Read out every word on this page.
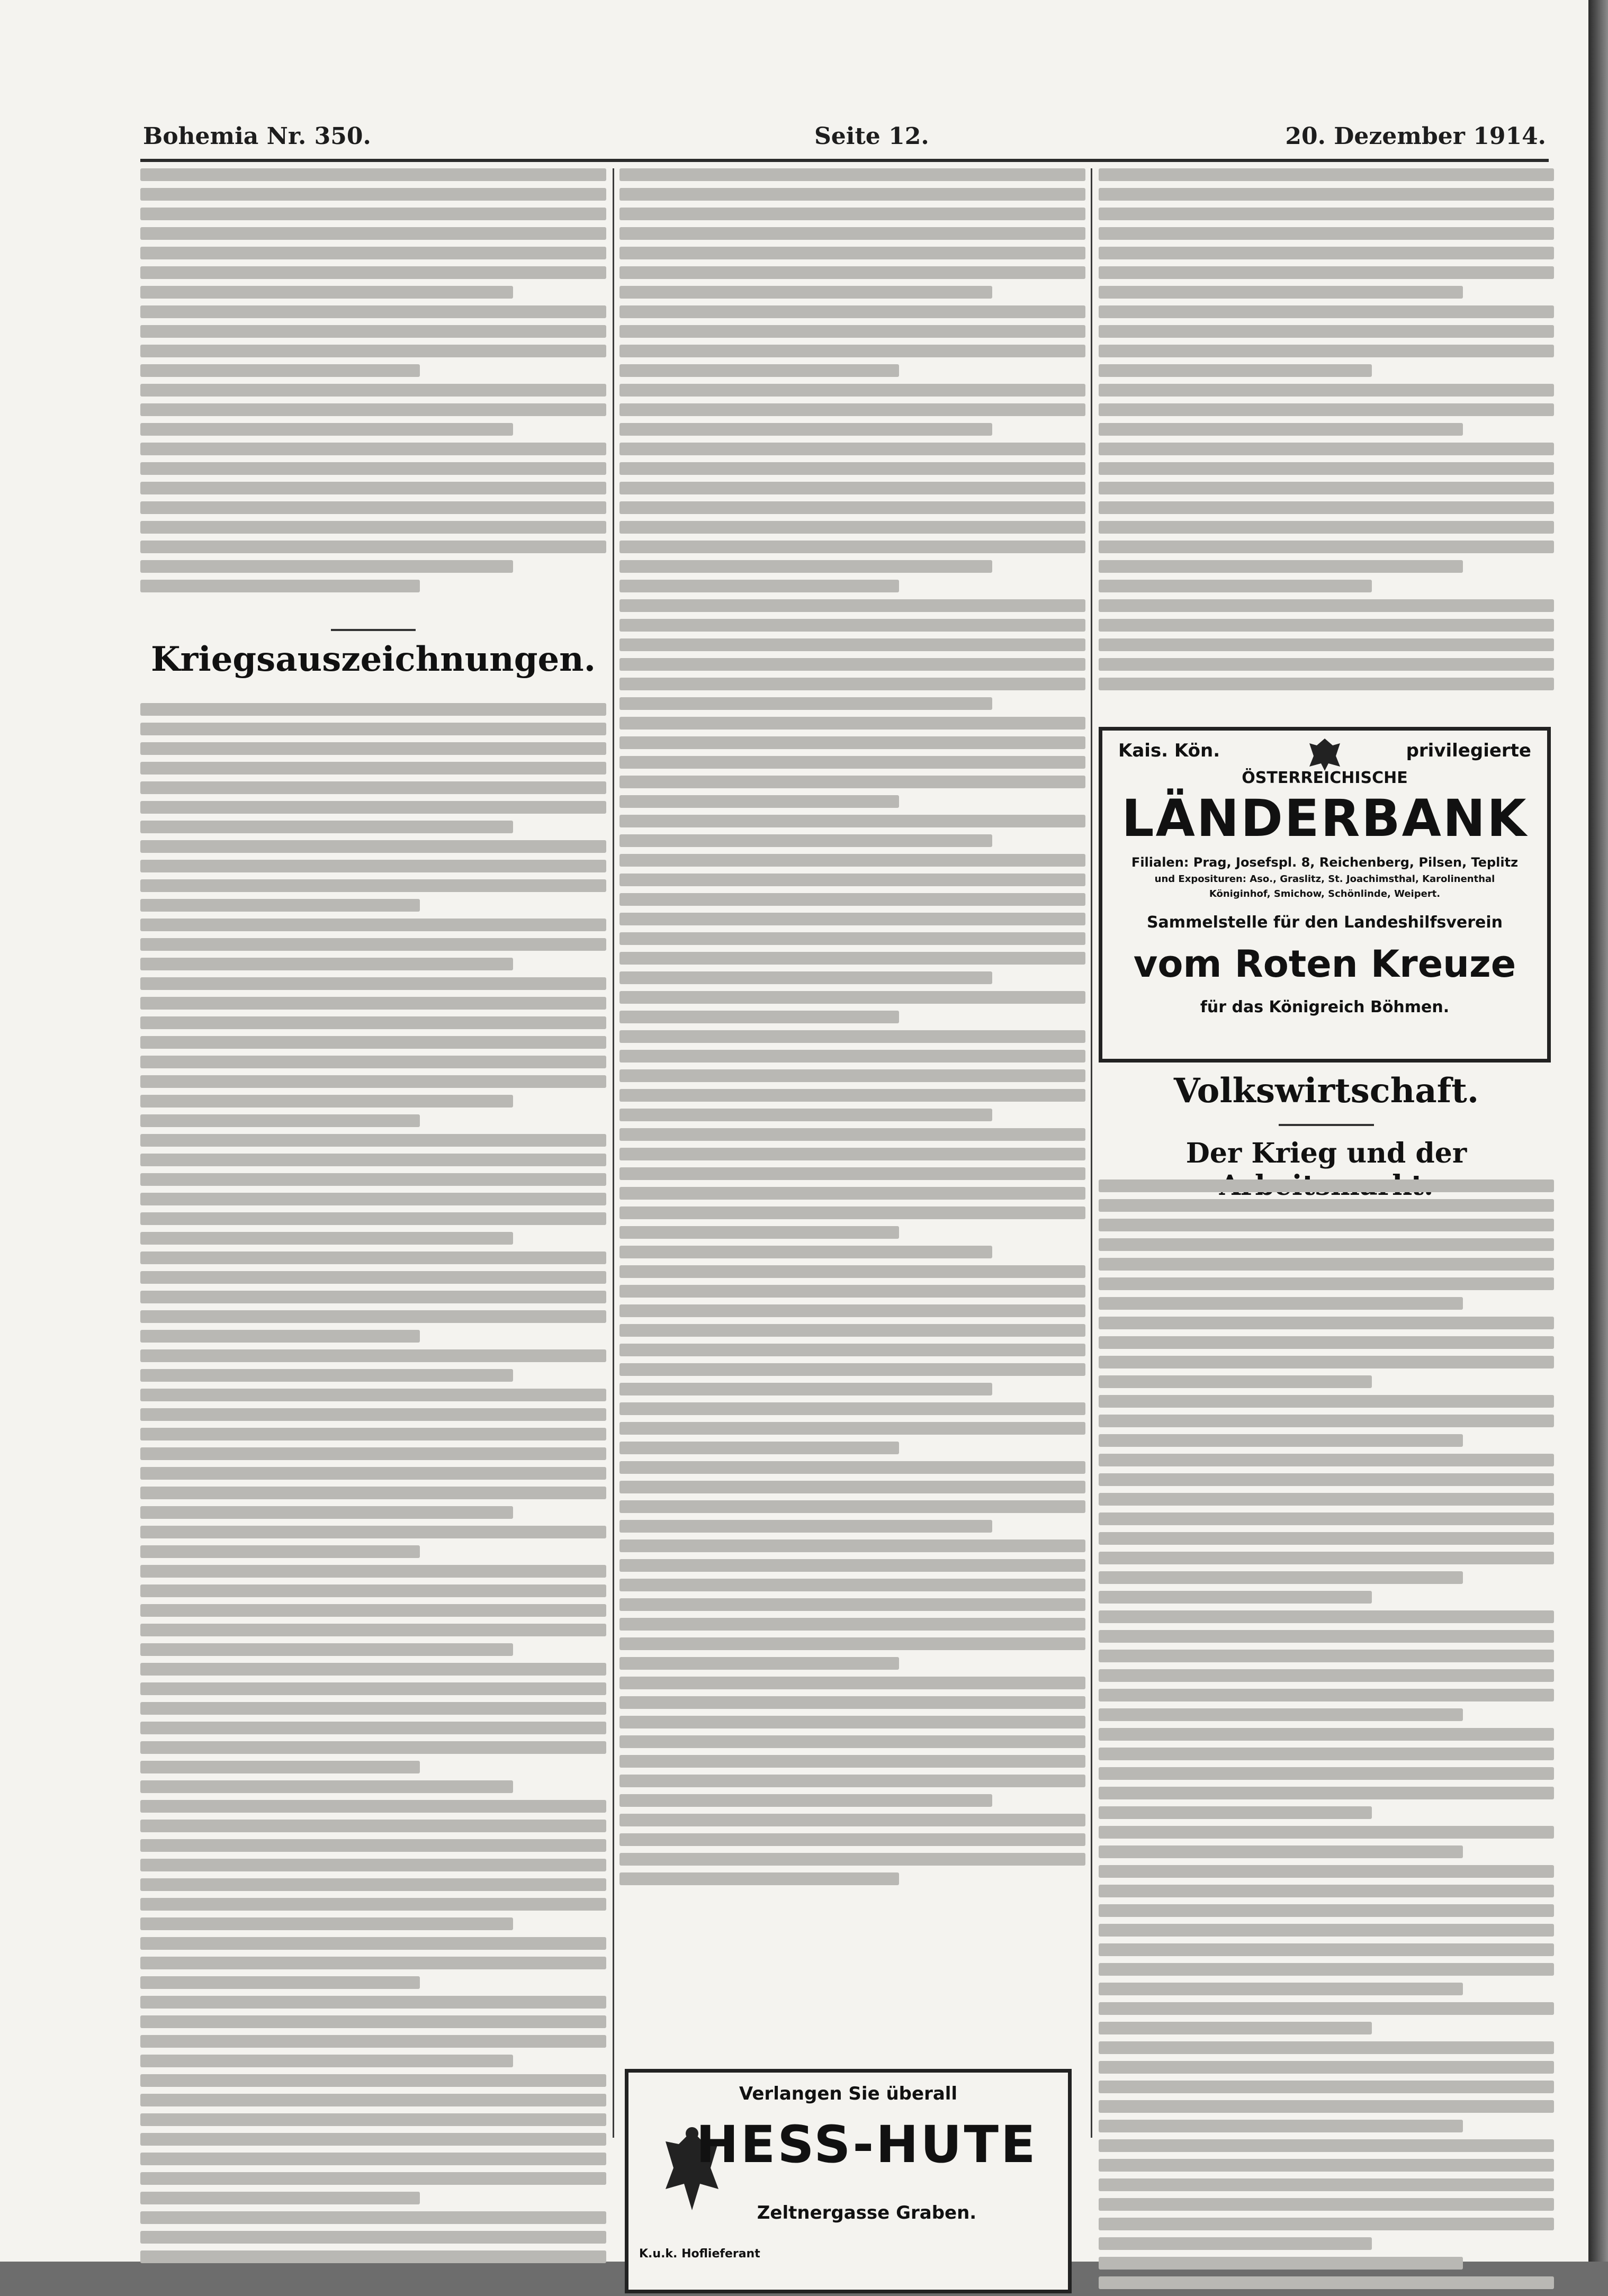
Bohemia Nr. 350.	Seite 12.	20. Dezember 1914.
Kriegsauszeichnungen.
Verlangen Sie überall
HESS-HUTE
Zeltnergasse Graben.
K.u.k. Hoflieferant
Kais. Kön.	privilegierte
ÖSTERREICHISCHE
LÄNDERBANK
Filialen: Prag, Josefspl. 8, Reichenberg, Pilsen, Teplitz
und Exposituren: Aso., Graslitz, St. Joachimsthal, Karolinenthal
Königinhof, Smichow, Schönlinde, Weipert.
Sammelstelle für den Landeshilfsverein
vom Roten Kreuze
für das Königreich Böhmen.
Volkswirtschaft.
Der Krieg und der
